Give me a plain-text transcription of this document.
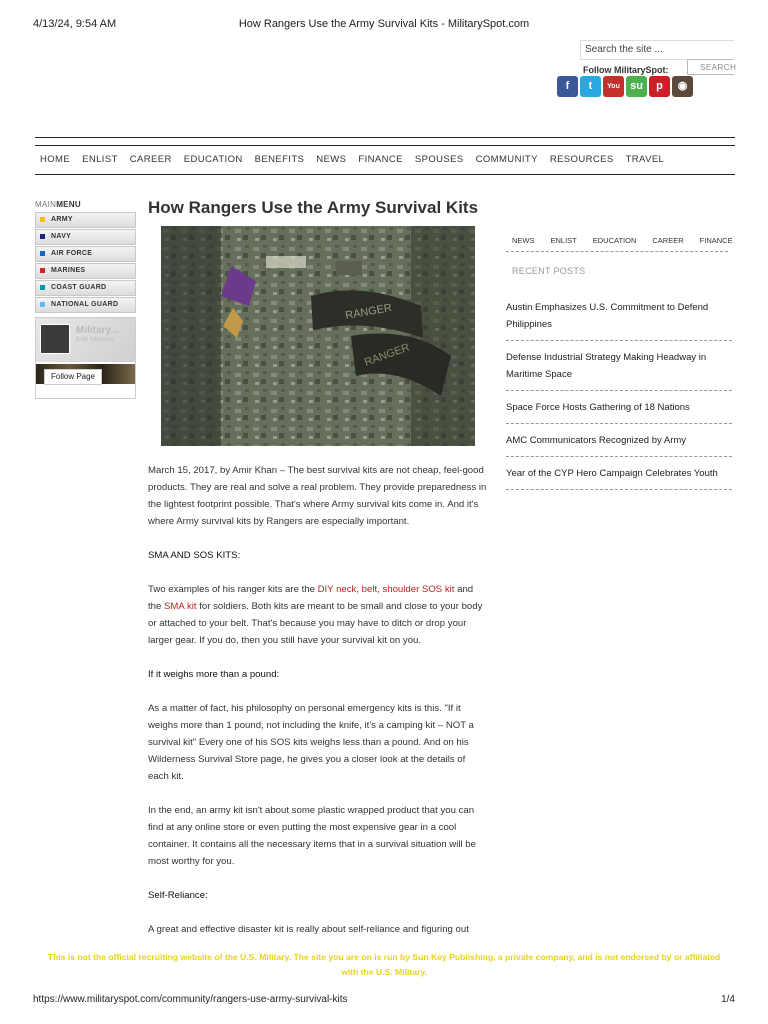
4/13/24, 9:54 AM	How Rangers Use the Army Survival Kits - MilitarySpot.com
Search the site ...
Follow MilitarySpot:	SEARCH
f	t	You su	p	◉
HOME ENLIST CAREER EDUCATION BENEFITS NEWS FINANCE SPOUSES COMMUNITY RESOURCES TRAVEL
MAINMENU
ARMY
NAVY
AIR FORCE
MARINES
COAST GUARD
NATIONAL GUARD
Military...
5.8K followers
Follow Page
How Rangers Use the Army Survival Kits
RANGER
RANGER

March 15, 2017, by Amir Khan – The best survival kits are not cheap, feel-good products. They are real and solve a real problem. They provide preparedness in the lightest footprint possible. That's where Army survival kits come in. And it's where Army survival kits by Rangers are especially important.

SMA AND SOS KITS:

Two examples of his ranger kits are the DIY neck, belt, shoulder SOS kit and the SMA kit for soldiers. Both kits are meant to be small and close to your body or attached to your belt. That's because you may have to ditch or drop your larger gear. If you do, then you still have your survival kit on you.

If it weighs more than a pound:

As a matter of fact, his philosophy on personal emergency kits is this. "If it weighs more than 1 pound, not including the knife, it's a camping kit – NOT a survival kit" Every one of his SOS kits weighs less than a pound. And on his Wilderness Survival Store page, he gives you a closer look at the details of each kit.

In the end, an army kit isn't about some plastic wrapped product that you can find at any online store or even putting the most expensive gear in a cool container. It contains all the necessary items that in a survival situation will be most worthy for you.

Self-Reliance:

A great and effective disaster kit is really about self-reliance and figuring out

NEWS ENLIST EDUCATION CAREER FINANCE
RECENT POSTS
Austin Emphasizes U.S. Commitment to Defend Philippines
Defense Industrial Strategy Making Headway in Maritime Space
Space Force Hosts Gathering of 18 Nations
AMC Communicators Recognized by Army
Year of the CYP Hero Campaign Celebrates Youth
This is not the official recruiting website of the U.S. Military. The site you are on is run by Sun Key Publishing, a private company, and is not endorsed by or affiliated with the U.S. Military.
https://www.militaryspot.com/community/rangers-use-army-survival-kits	1/4
